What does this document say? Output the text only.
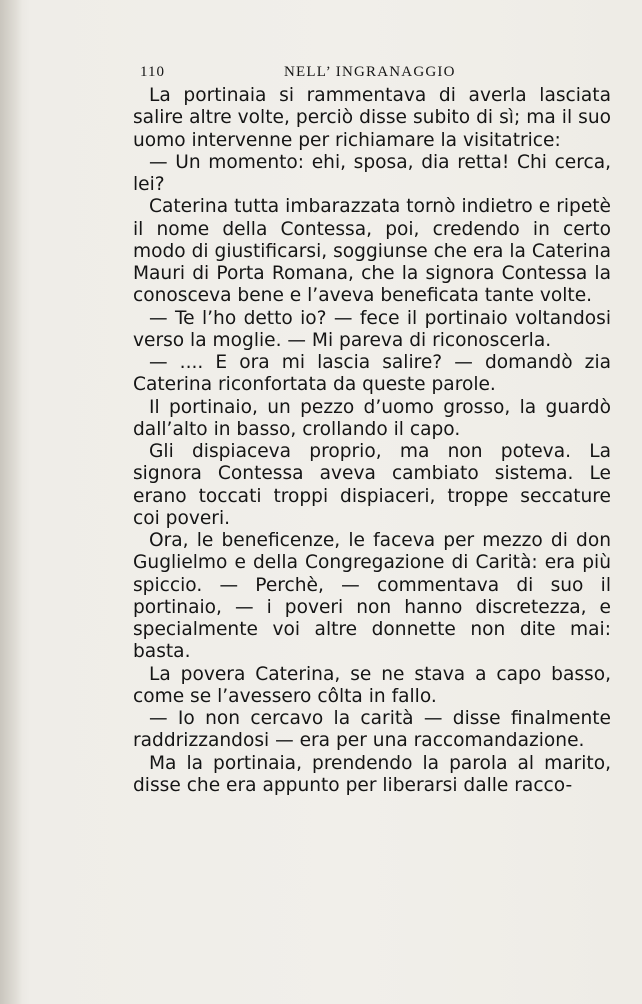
110	NELL’ INGRANAGGIO

La portinaia si rammentava di averla lasciata salire altre volte, perciò disse subito di sì; ma il suo uomo intervenne per richiamare la visitatrice:

— Un momento: ehi, sposa, dia retta! Chi cerca, lei?

Caterina tutta imbarazzata tornò indietro e ripetè il nome della Contessa, poi, credendo in certo modo di giustificarsi, soggiunse che era la Caterina Mauri di Porta Romana, che la signora Contessa la conosceva bene e l’aveva beneficata tante volte.

— Te l’ho detto io? — fece il portinaio voltandosi verso la moglie. — Mi pareva di riconoscerla.

— .... E ora mi lascia salire? — domandò zia Caterina riconfortata da queste parole.

Il portinaio, un pezzo d’uomo grosso, la guardò dall’alto in basso, crollando il capo.

Gli dispiaceva proprio, ma non poteva. La signora Contessa aveva cambiato sistema. Le erano toccati troppi dispiaceri, troppe seccature coi poveri.

Ora, le beneficenze, le faceva per mezzo di don Guglielmo e della Congregazione di Carità: era più spiccio. — Perchè, — commentava di suo il portinaio, — i poveri non hanno discretezza, e specialmente voi altre donnette non dite mai: basta.

La povera Caterina, se ne stava a capo basso, come se l’avessero côlta in fallo.

— Io non cercavo la carità — disse finalmente raddrizzandosi — era per una raccomandazione.

Ma la portinaia, prendendo la parola al marito, disse che era appunto per liberarsi dalle racco-
